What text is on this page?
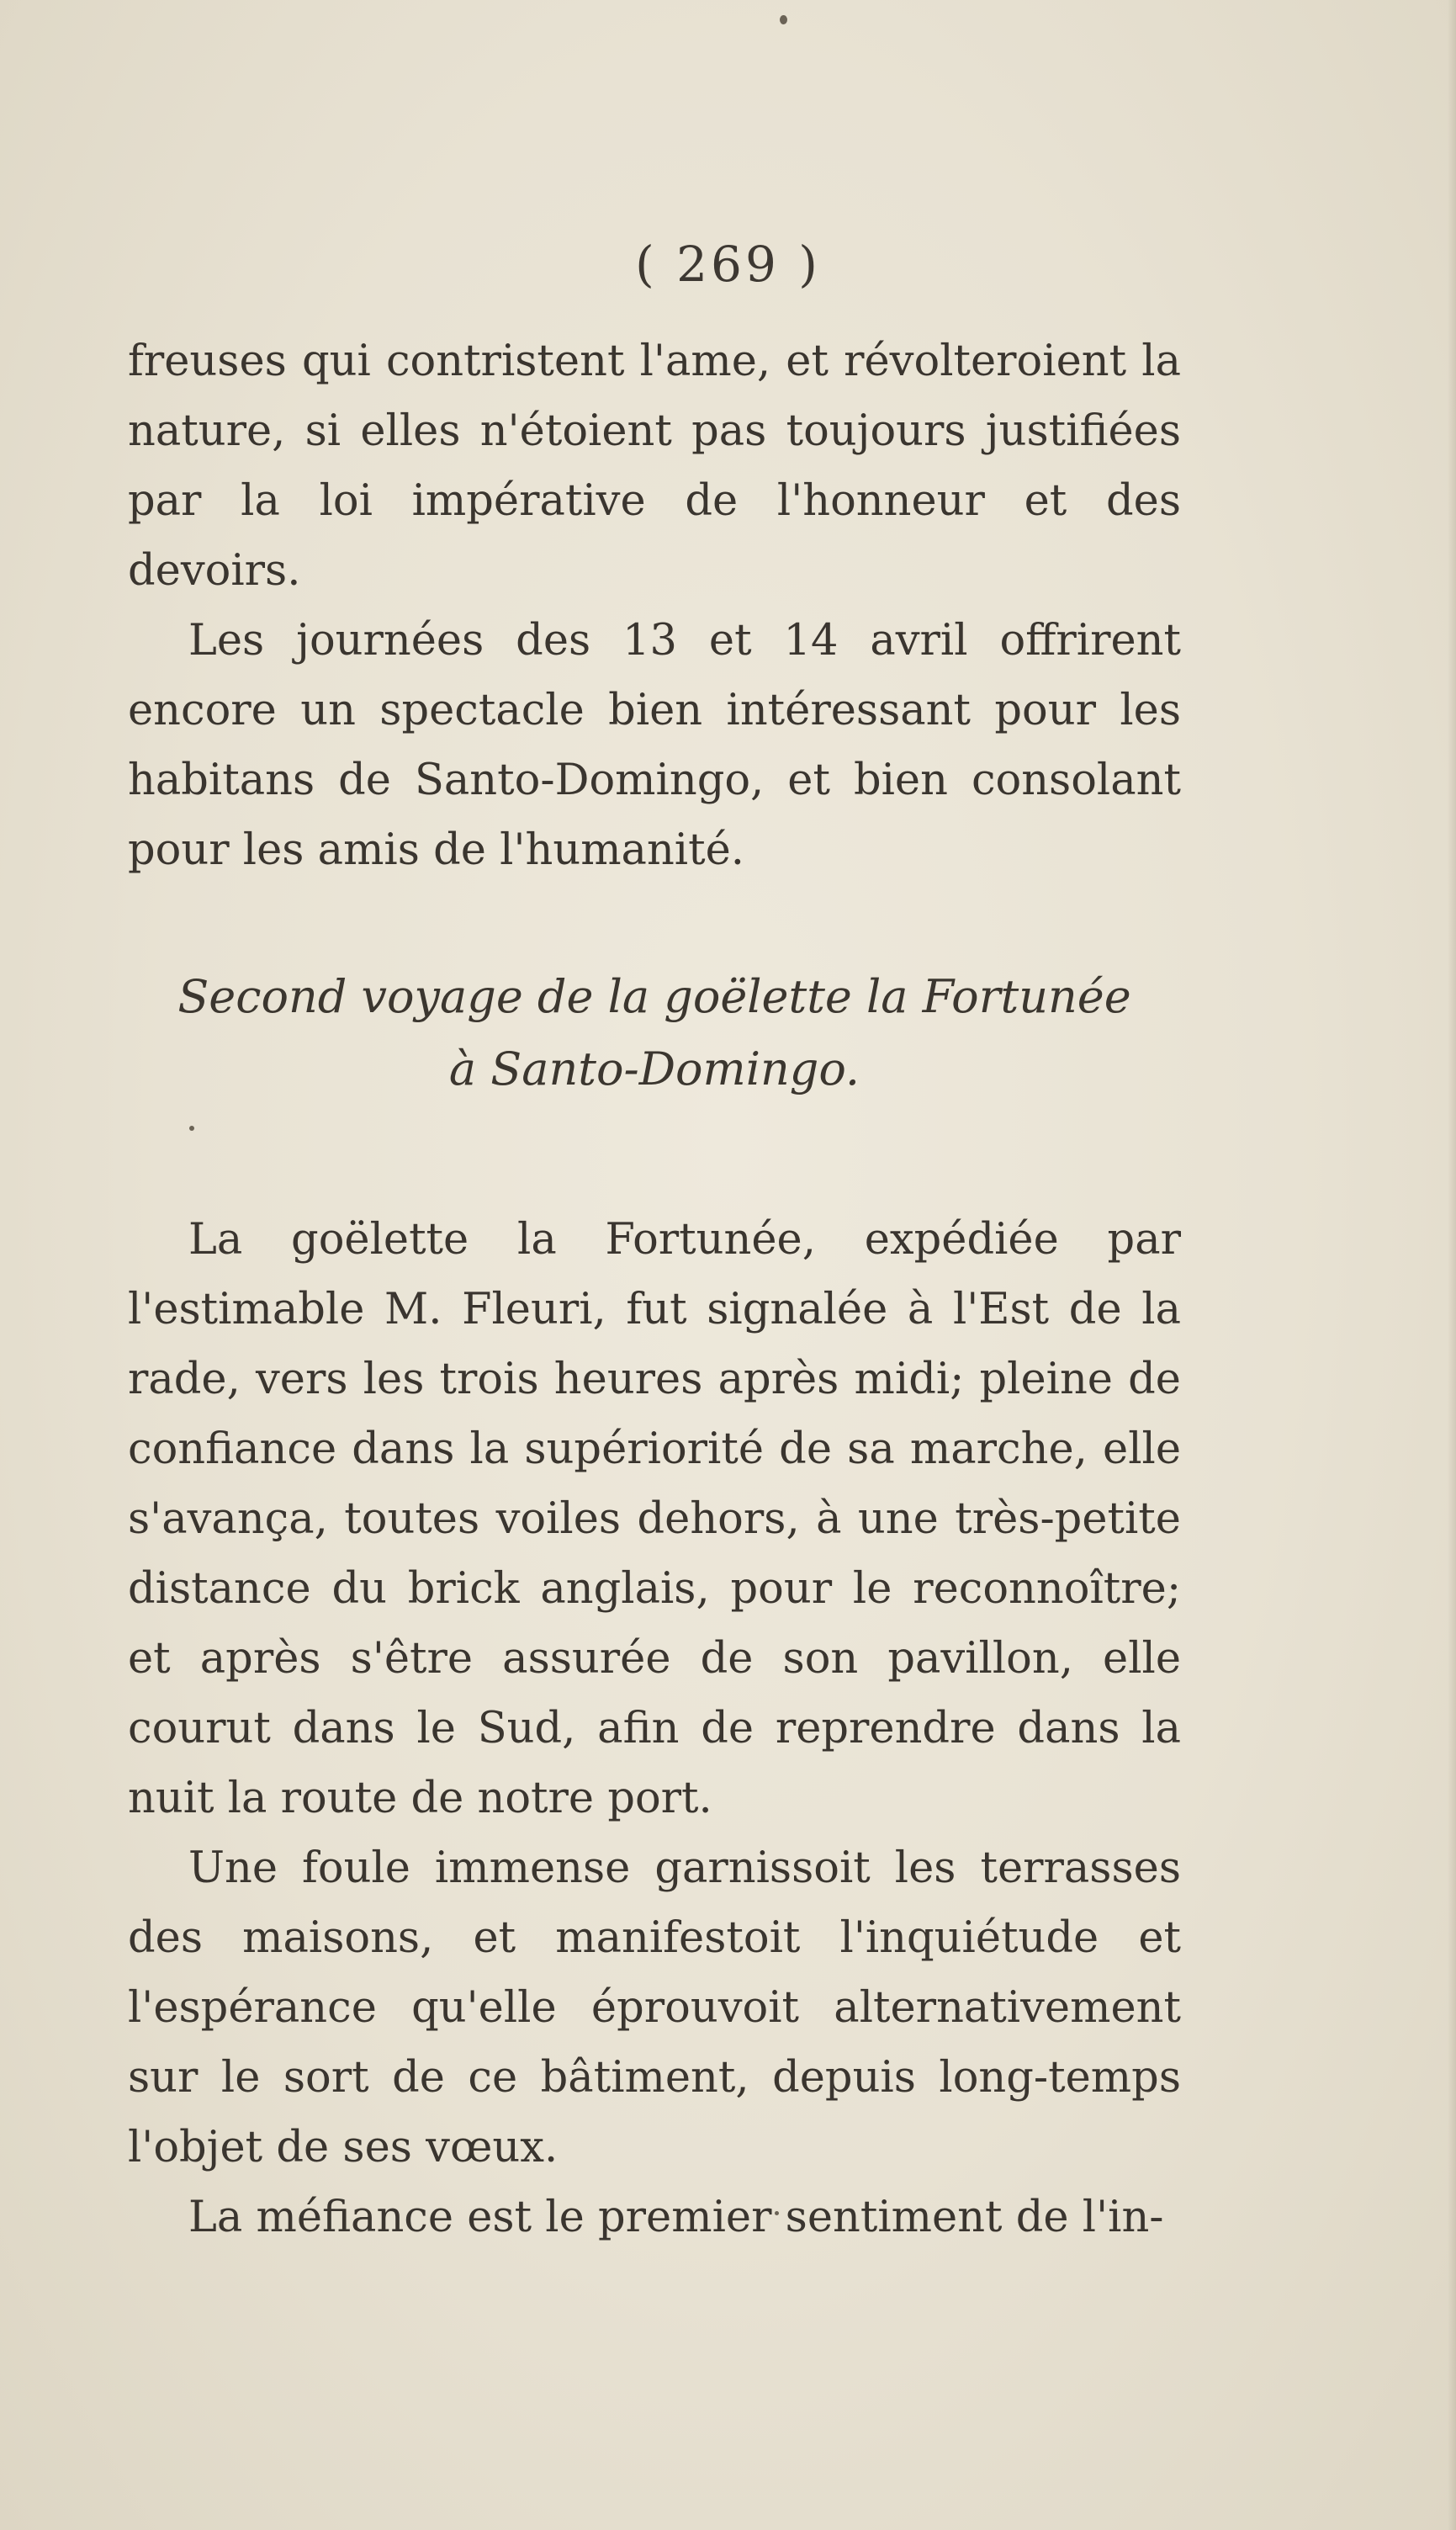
( 269 )

freuses qui contristent l'ame, et révolteroient la nature, si elles n'étoient pas toujours justifiées par la loi impérative de l'honneur et des devoirs.

Les journées des 13 et 14 avril offrirent encore un spectacle bien intéressant pour les habitans de Santo-Domingo, et bien consolant pour les amis de l'humanité.

Second voyage de la goëlette la Fortunée
à Santo-Domingo.

La goëlette la Fortunée, expédiée par l'estimable M. Fleuri, fut signalée à l'Est de la rade, vers les trois heures après midi; pleine de confiance dans la supériorité de sa marche, elle s'avança, toutes voiles dehors, à une très-petite distance du brick anglais, pour le reconnoître; et après s'être assurée de son pavillon, elle courut dans le Sud, afin de reprendre dans la nuit la route de notre port.

Une foule immense garnissoit les terrasses des maisons, et manifestoit l'inquiétude et l'espérance qu'elle éprouvoit alternativement sur le sort de ce bâtiment, depuis long-temps l'objet de ses vœux.

La méfiance est le premier sentiment de l'in-
